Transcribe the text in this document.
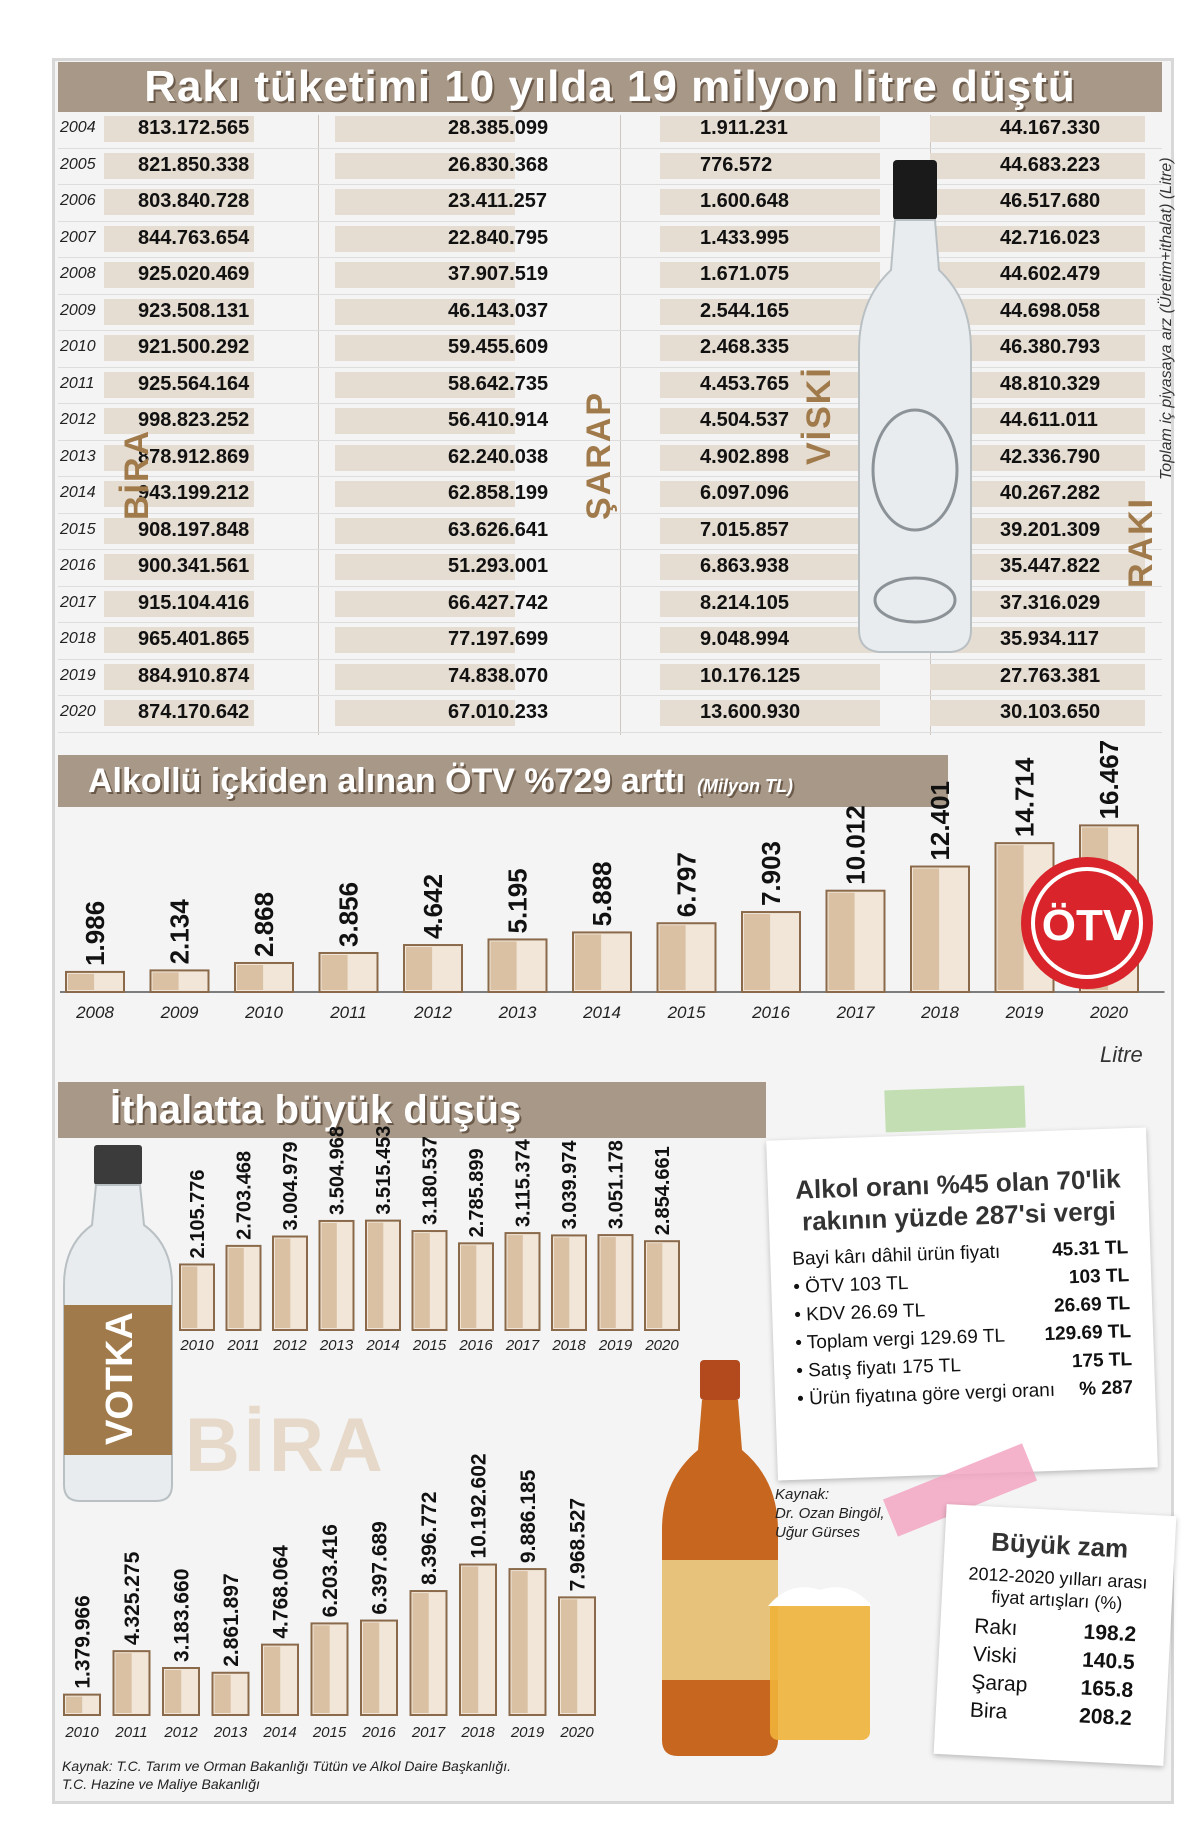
Rakı tüketimi 10 yılda 19 milyon litre düştü
2004	813.172.565	28.385.099	1.911.231	44.167.330
2005	821.850.338	26.830.368	776.572	44.683.223
2006	803.840.728	23.411.257	1.600.648	46.517.680
2007	844.763.654	22.840.795	1.433.995	42.716.023
2008	925.020.469	37.907.519	1.671.075	44.602.479
2009	923.508.131	46.143.037	2.544.165	44.698.058
2010	921.500.292	59.455.609	2.468.335	46.380.793
2011	925.564.164	58.642.735	4.453.765	48.810.329
2012	998.823.252	56.410.914	4.504.537	44.611.011
2013	878.912.869	62.240.038	4.902.898	42.336.790
2014	943.199.212	62.858.199	6.097.096	40.267.282
2015	908.197.848	63.626.641	7.015.857	39.201.309
2016	900.341.561	51.293.001	6.863.938	35.447.822
2017	915.104.416	66.427.742	8.214.105	37.316.029
2018	965.401.865	77.197.699	9.048.994	35.934.117
2019	884.910.874	74.838.070	10.176.125	27.763.381
2020	874.170.642	67.010.233	13.600.930	30.103.650
BİRA	ŞARAP	VİSKİ
RAKI
Toplam iç piyasaya arz (Üretim+ithalat) (Litre)
Alkollü içkiden alınan ÖTV %729 arttı (Milyon TL)
1.986
2008
2.134
2009
2.868
2010
3.856
2011
4.642
2012
5.195
2013
5.888
2014
6.797
2015
7.903
2016
10.012
2017
12.401
2018
14.714
2019
16.467
2020
ÖTV
Litre
İthalatta büyük düşüş
VOTKA
2.105.776
2010
2.703.468
2011
3.004.979
2012
3.504.968
2013
3.515.453
2014
3.180.537
2015
2.785.899
2016
3.115.374
2017
3.039.974
2018
3.051.178
2019
2.854.661
2020
BİRA
1.379.966
2010
4.325.275
2011
3.183.660
2012
2.861.897
2013
4.768.064
2014
6.203.416
2015
6.397.689
2016
8.396.772
2017
10.192.602
2018
9.886.185
2019
7.968.527
2020
Alkol oranı %45 olan 70'lik
rakının yüzde 287'si vergi
Bayi kârı dâhil ürün fiyatı	45.31 TL
• ÖTV 103 TL	103 TL
• KDV 26.69 TL	26.69 TL
• Toplam vergi 129.69 TL 129.69 TL
• Satış fiyatı 175 TL	175 TL
• Ürün fiyatına göre vergi oranı % 287
Kaynak:
Dr. Ozan Bingöl,
Uğur Gürses	Büyük zam
2012-2020 yılları arası fiyat artışları (%)
Rakı	198.2
Viski	140.5
Şarap 165.8
Bira	208.2
Kaynak: T.C. Tarım ve Orman Bakanlığı Tütün ve Alkol Daire Başkanlığı.
T.C. Hazine ve Maliye Bakanlığı
